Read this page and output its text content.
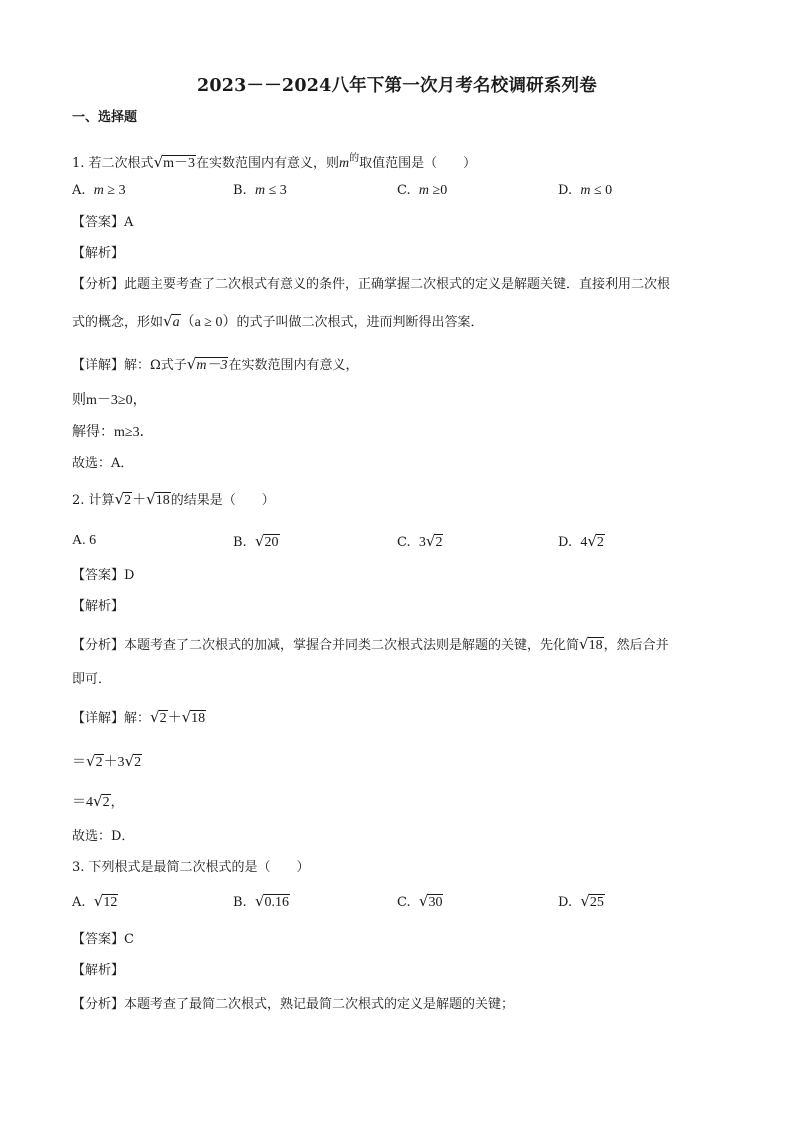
2023－－2024八年下第一次月考名校调研系列卷
一、选择题
1. 若二次根式√m－3在实数范围内有意义，则$m^的$取值范围是（　　）
A. m ≥ 3	B. m ≤ 3	C. m ≥0	D. m ≤ 0
【答案】A
【解析】
【分析】此题主要考查了二次根式有意义的条件，正确掌握二次根式的定义是解题关键．直接利用二次根
式的概念，形如√a（a ≥ 0）的式子叫做二次根式，进而判断得出答案．
【详解】解：Ω式子√m－3在实数范围内有意义，
则m－3≥0，
解得：m≥3．
故选：A．
2. 计算√2＋√18的结果是（　　）
A. 6	B. √20	C. 3√2	D. 4√2
【答案】D
【解析】
【分析】本题考查了二次根式的加减，掌握合并同类二次根式法则是解题的关键，先化简√18，然后合并
即可．
【详解】解：√2＋√18
＝√2＋3√2
＝4√2，
故选：D．
3. 下列根式是最简二次根式的是（　　）
A. √12	B. √0.16	C. √30	D. √25
【答案】C
【解析】
【分析】本题考查了最简二次根式，熟记最简二次根式的定义是解题的关键；
